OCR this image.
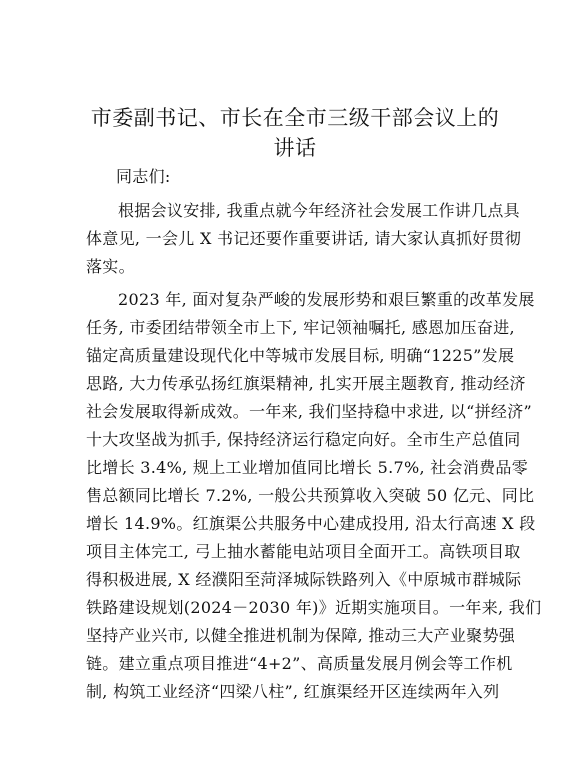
市委副书记、市长在全市三级干部会议上的讲话
同志们:
根据会议安排, 我重点就今年经济社会发展工作讲几点具
体意见, 一会儿 X 书记还要作重要讲话, 请大家认真抓好贯彻
落实。
2023 年, 面对复杂严峻的发展形势和艰巨繁重的改革发展
任务, 市委团结带领全市上下, 牢记领袖嘱托, 感恩加压奋进,
锚定高质量建设现代化中等城市发展目标, 明确“1225”发展
思路, 大力传承弘扬红旗渠精神, 扎实开展主题教育, 推动经济
社会发展取得新成效。一年来, 我们坚持稳中求进, 以“拼经济”
十大攻坚战为抓手, 保持经济运行稳定向好。全市生产总值同
比增长 3.4%, 规上工业增加值同比增长 5.7%, 社会消费品零
售总额同比增长 7.2%, 一般公共预算收入突破 50 亿元、同比
增长 14.9%。红旗渠公共服务中心建成投用, 沿太行高速 X 段
项目主体完工, 弓上抽水蓄能电站项目全面开工。高铁项目取
得积极进展, X 经濮阳至菏泽城际铁路列入《中原城市群城际
铁路建设规划(2024－2030 年)》近期实施项目。一年来, 我们
坚持产业兴市, 以健全推进机制为保障, 推动三大产业聚势强
链。建立重点项目推进“4+2”、高质量发展月例会等工作机
制, 构筑工业经济“四梁八柱”, 红旗渠经开区连续两年入列
